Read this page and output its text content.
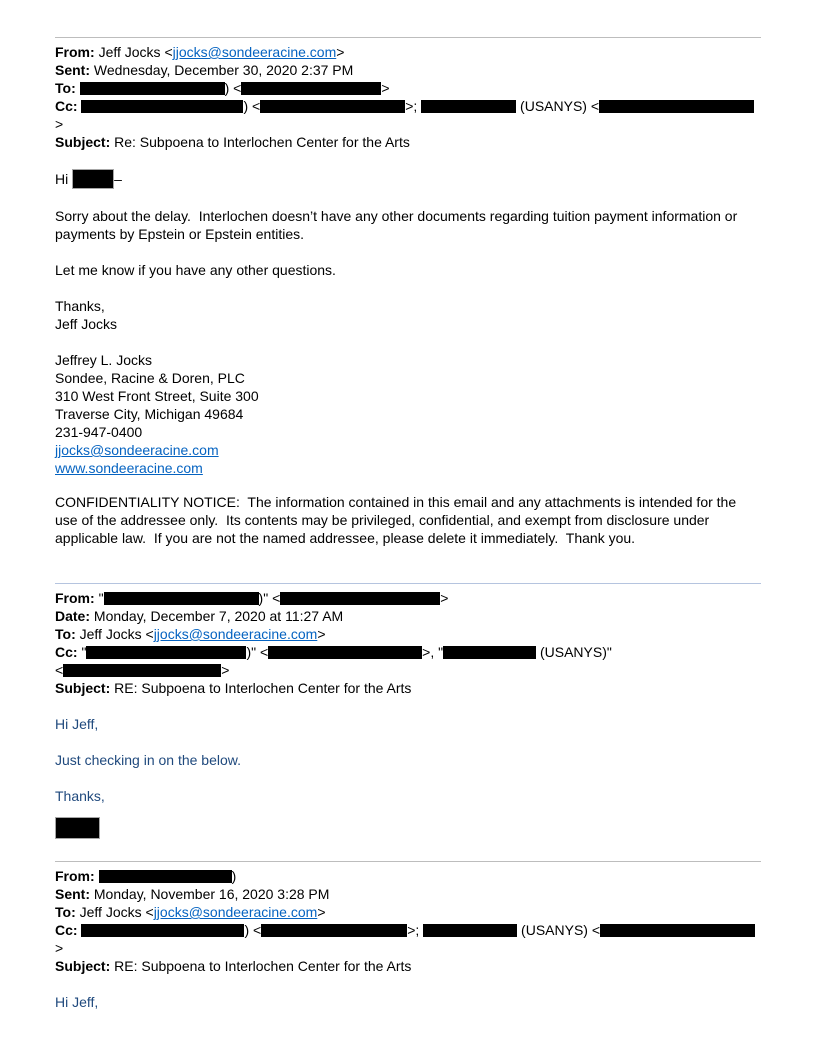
From: Jeff Jocks <jjocks@sondeeracine.com>

Sent: Wednesday, December 30, 2020 2:37 PM

To:	) <	>

Cc:	) <	>;	(USANYS) <>

Subject: Re: Subpoena to Interlochen Center for the Arts

Hi	–

Sorry about the delay.  Interlochen doesn’t have any other documents regarding tuition payment information or payments by Epstein or Epstein entities.

Let me know if you have any other questions.

Thanks,
Jeff Jocks

Jeffrey L. Jocks

Sondee, Racine & Doren, PLC

310 West Front Street, Suite 300

Traverse City, Michigan 49684

231-947-0400

jjocks@sondeeracine.com

www.sondeeracine.com

CONFIDENTIALITY NOTICE:  The information contained in this email and any attachments is intended for the use of the addressee only.  Its contents may be privileged, confidential, and exempt from disclosure under applicable law.  If you are not the named addressee, please delete it immediately.  Thank you.

From: "	)" <	>

Date: Monday, December 7, 2020 at 11:27 AM

To: Jeff Jocks <jjocks@sondeeracine.com>

Cc: "	)" <	>, "	(USANYS)"

<	>

Subject: RE: Subpoena to Interlochen Center for the Arts

Hi Jeff,

Just checking in on the below.

Thanks,

From:	)

Sent: Monday, November 16, 2020 3:28 PM

To: Jeff Jocks <jjocks@sondeeracine.com>

Cc:	) <	>;	(USANYS) <>

Subject: RE: Subpoena to Interlochen Center for the Arts

Hi Jeff,
